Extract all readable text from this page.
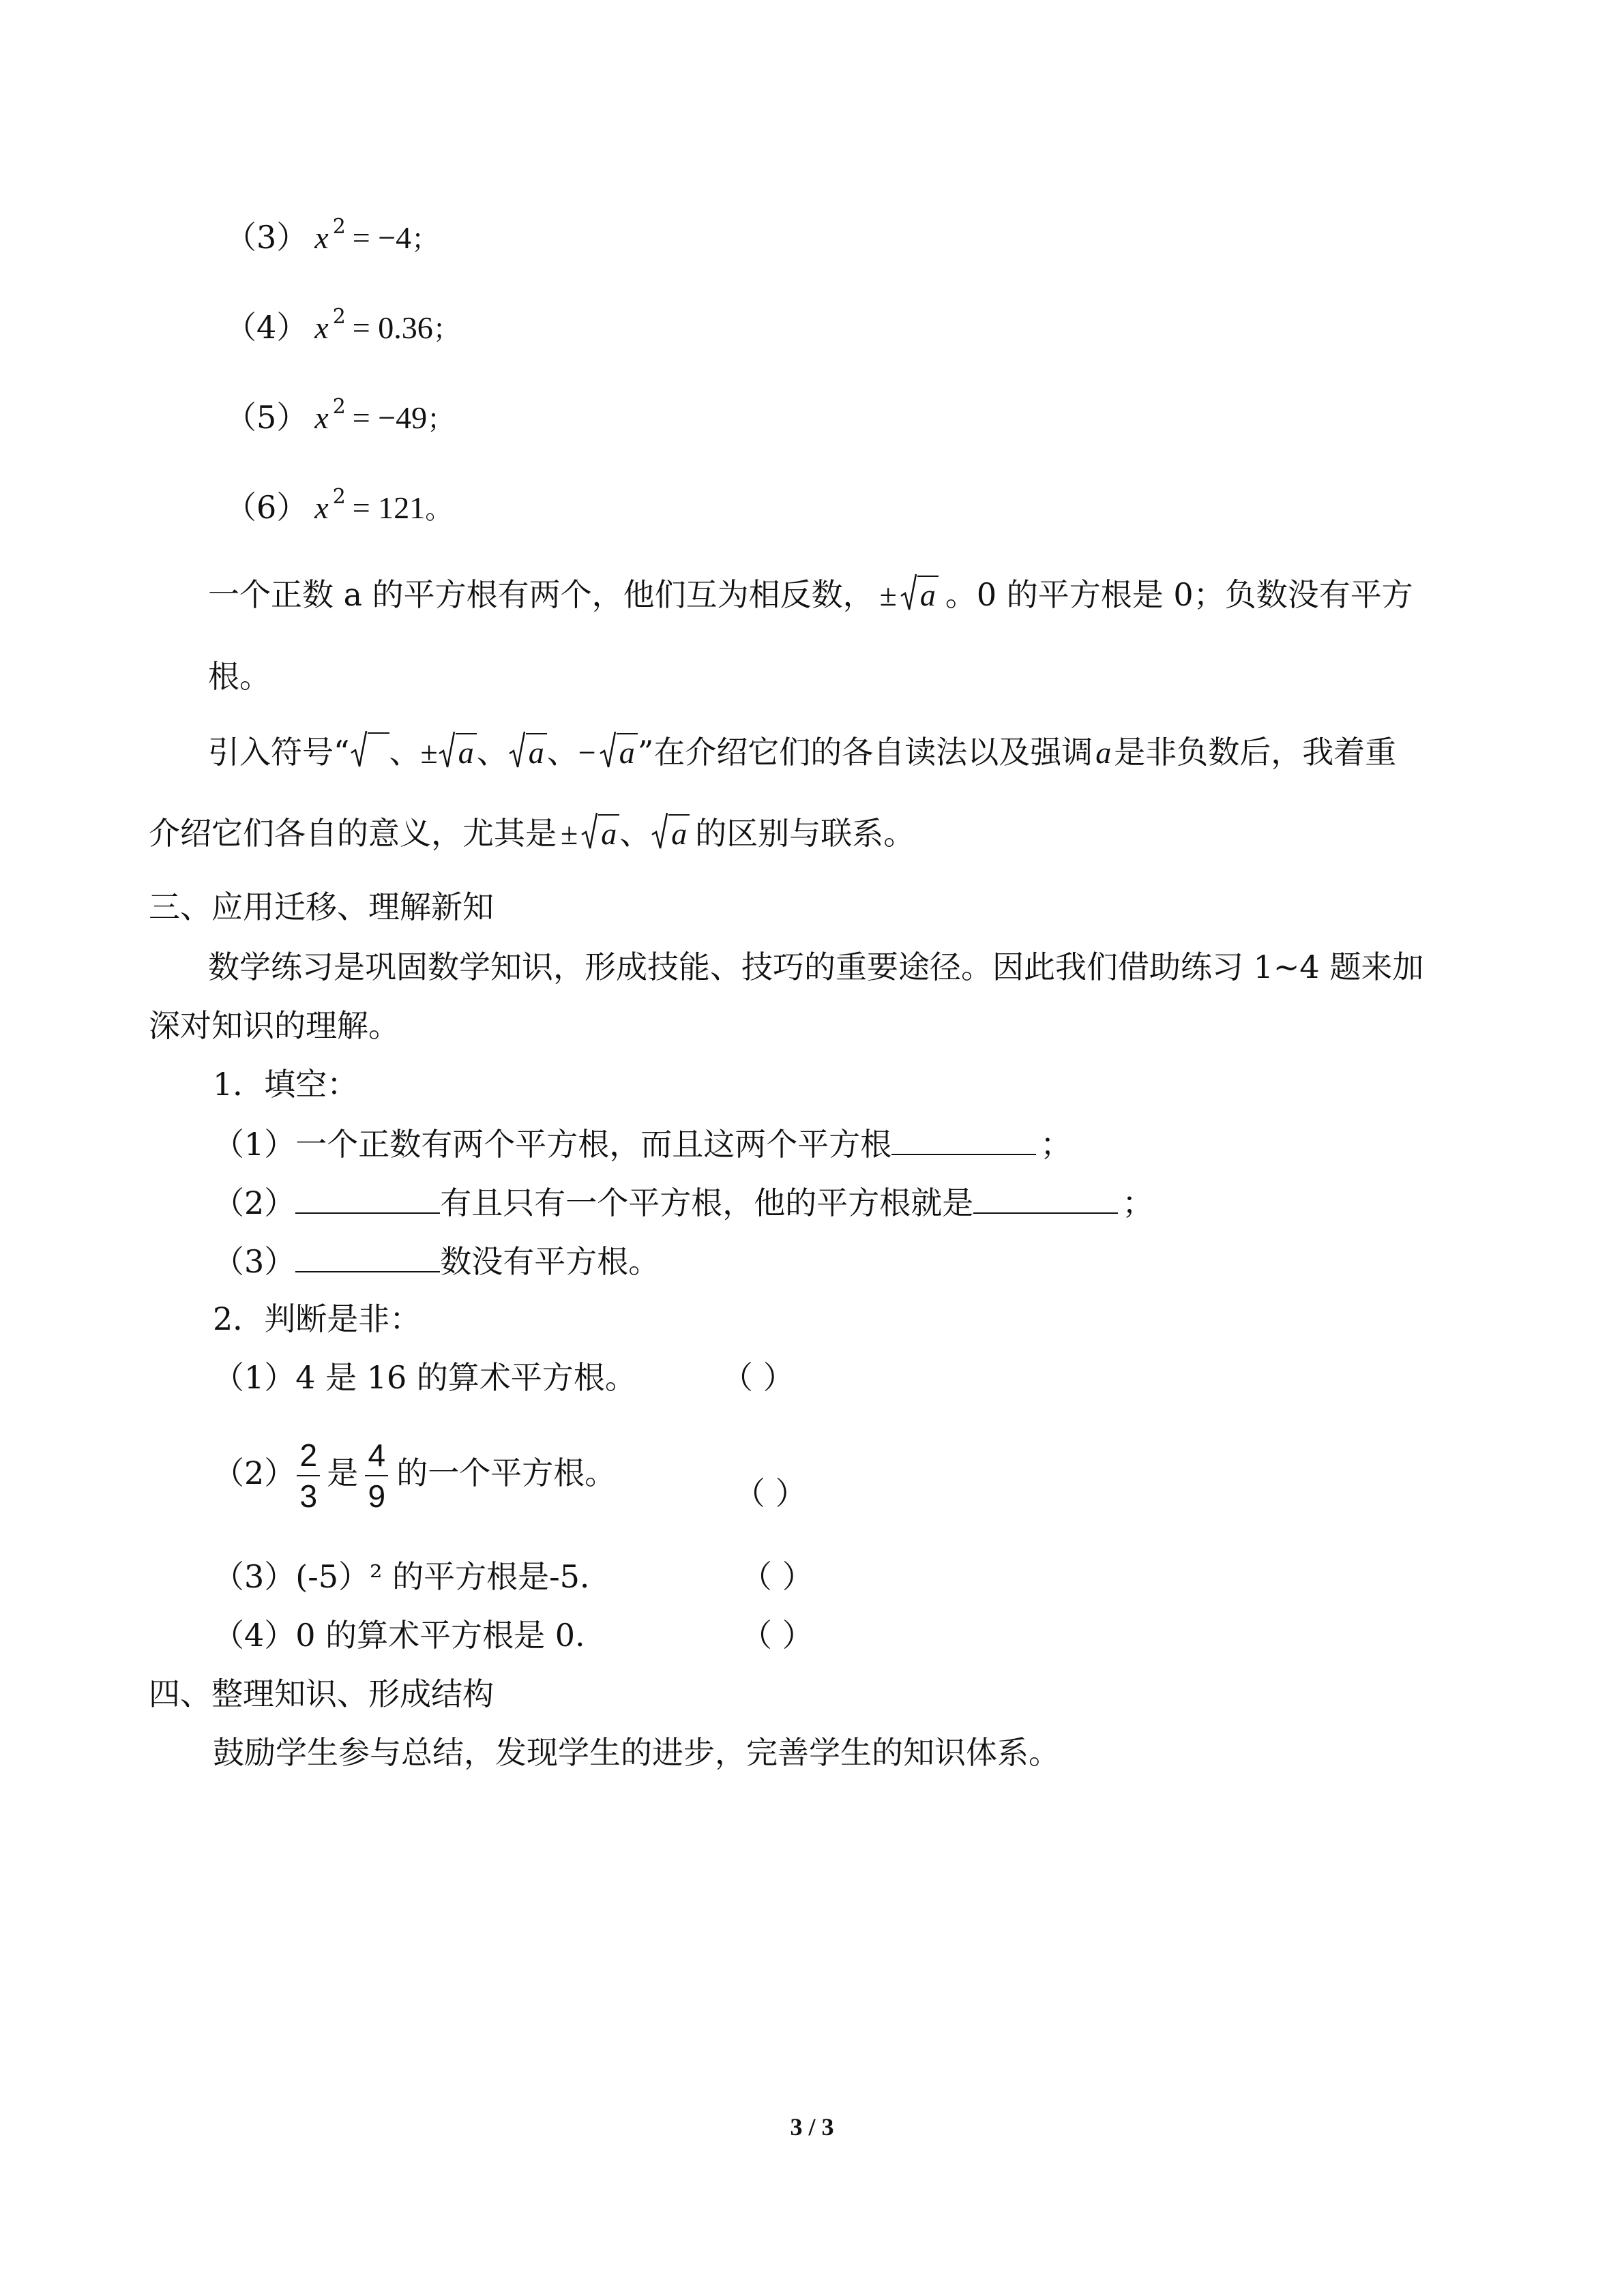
（3） x $^2$ = −4；
（4） x $^2$ = 0.36；
（5） x $^2$ = −49；
（6） x $^2$ = 121。
一个正数 a 的平方根有两个，他们互为相反数， ± a 。0 的平方根是 0；负数没有平方
根。
引入符号“ 、± a、 a、− a”在介绍它们的各自读法以及强调a是非负数后，我着重
介绍它们各自的意义，尤其是 ± a、 a 的区别与联系。
三、应用迁移、理解新知
数学练习是巩固数学知识，形成技能、技巧的重要途径。因此我们借助练习 1~4 题来加
深对知识的理解。
1．填空：
（1）一个正数有两个平方根，而且这两个平方根	；
（2）	有且只有一个平方根，他的平方根就是	；
（3）	数没有平方根。
2．判断是非：
（1）4 是 16 的算术平方根。	（ ）
$(2) \frac{2}{3}$ 是 $\frac{4}{9}$ 的一个平方根。
（ ）
（3）(-5）² 的平方根是-5.	（ ）
（4）0 的算术平方根是 0.	（ ）
四、整理知识、形成结构
鼓励学生参与总结，发现学生的进步，完善学生的知识体系。
3 / 3
